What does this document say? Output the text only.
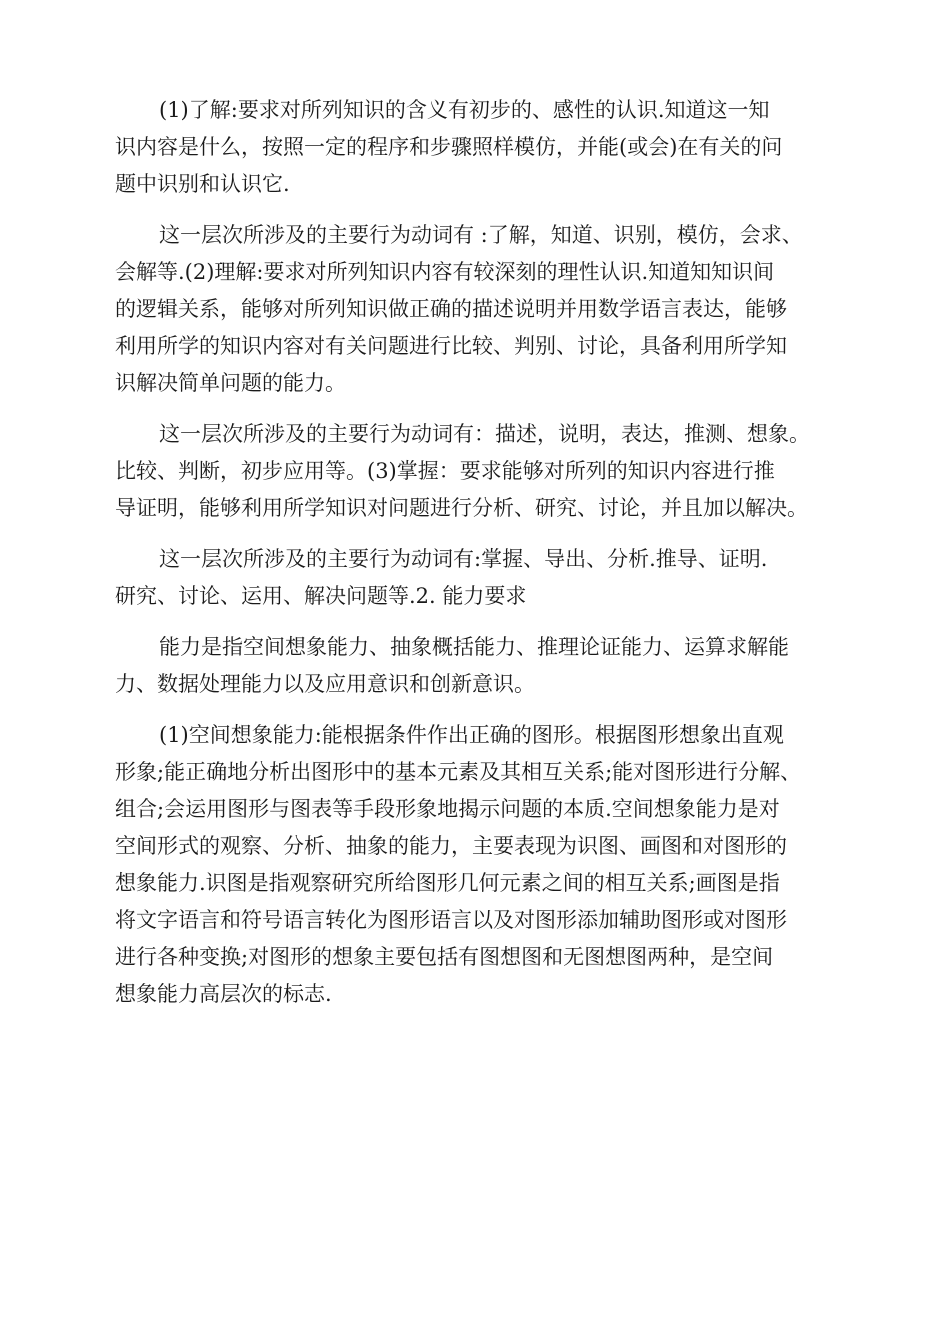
(1)了解:要求对所列知识的含义有初步的、感性的认识.知道这一知
识内容是什么，按照一定的程序和步骤照样模仿，并能(或会)在有关的问
题中识别和认识它.
这一层次所涉及的主要行为动词有 :了解，知道、识别，模仿，会求、
会解等.(2)理解:要求对所列知识内容有较深刻的理性认识.知道知知识间
的逻辑关系，能够对所列知识做正确的描述说明并用数学语言表达，能够
利用所学的知识内容对有关问题进行比较、判别、讨论，具备利用所学知
识解决简单问题的能力。
这一层次所涉及的主要行为动词有：描述，说明，表达，推测、想象。
比较、判断，初步应用等。(3)掌握：要求能够对所列的知识内容进行推
导证明，能够利用所学知识对问题进行分析、研究、讨论，并且加以解决。
这一层次所涉及的主要行为动词有:掌握、导出、分析.推导、证明.
研究、讨论、运用、解决问题等.2. 能力要求
能力是指空间想象能力、抽象概括能力、推理论证能力、运算求解能
力、数据处理能力以及应用意识和创新意识。
(1)空间想象能力:能根据条件作出正确的图形。根据图形想象出直观
形象;能正确地分析出图形中的基本元素及其相互关系;能对图形进行分解、
组合;会运用图形与图表等手段形象地揭示问题的本质.空间想象能力是对
空间形式的观察、分析、抽象的能力，主要表现为识图、画图和对图形的
想象能力.识图是指观察研究所给图形几何元素之间的相互关系;画图是指
将文字语言和符号语言转化为图形语言以及对图形添加辅助图形或对图形
进行各种变换;对图形的想象主要包括有图想图和无图想图两种，是空间
想象能力高层次的标志.
